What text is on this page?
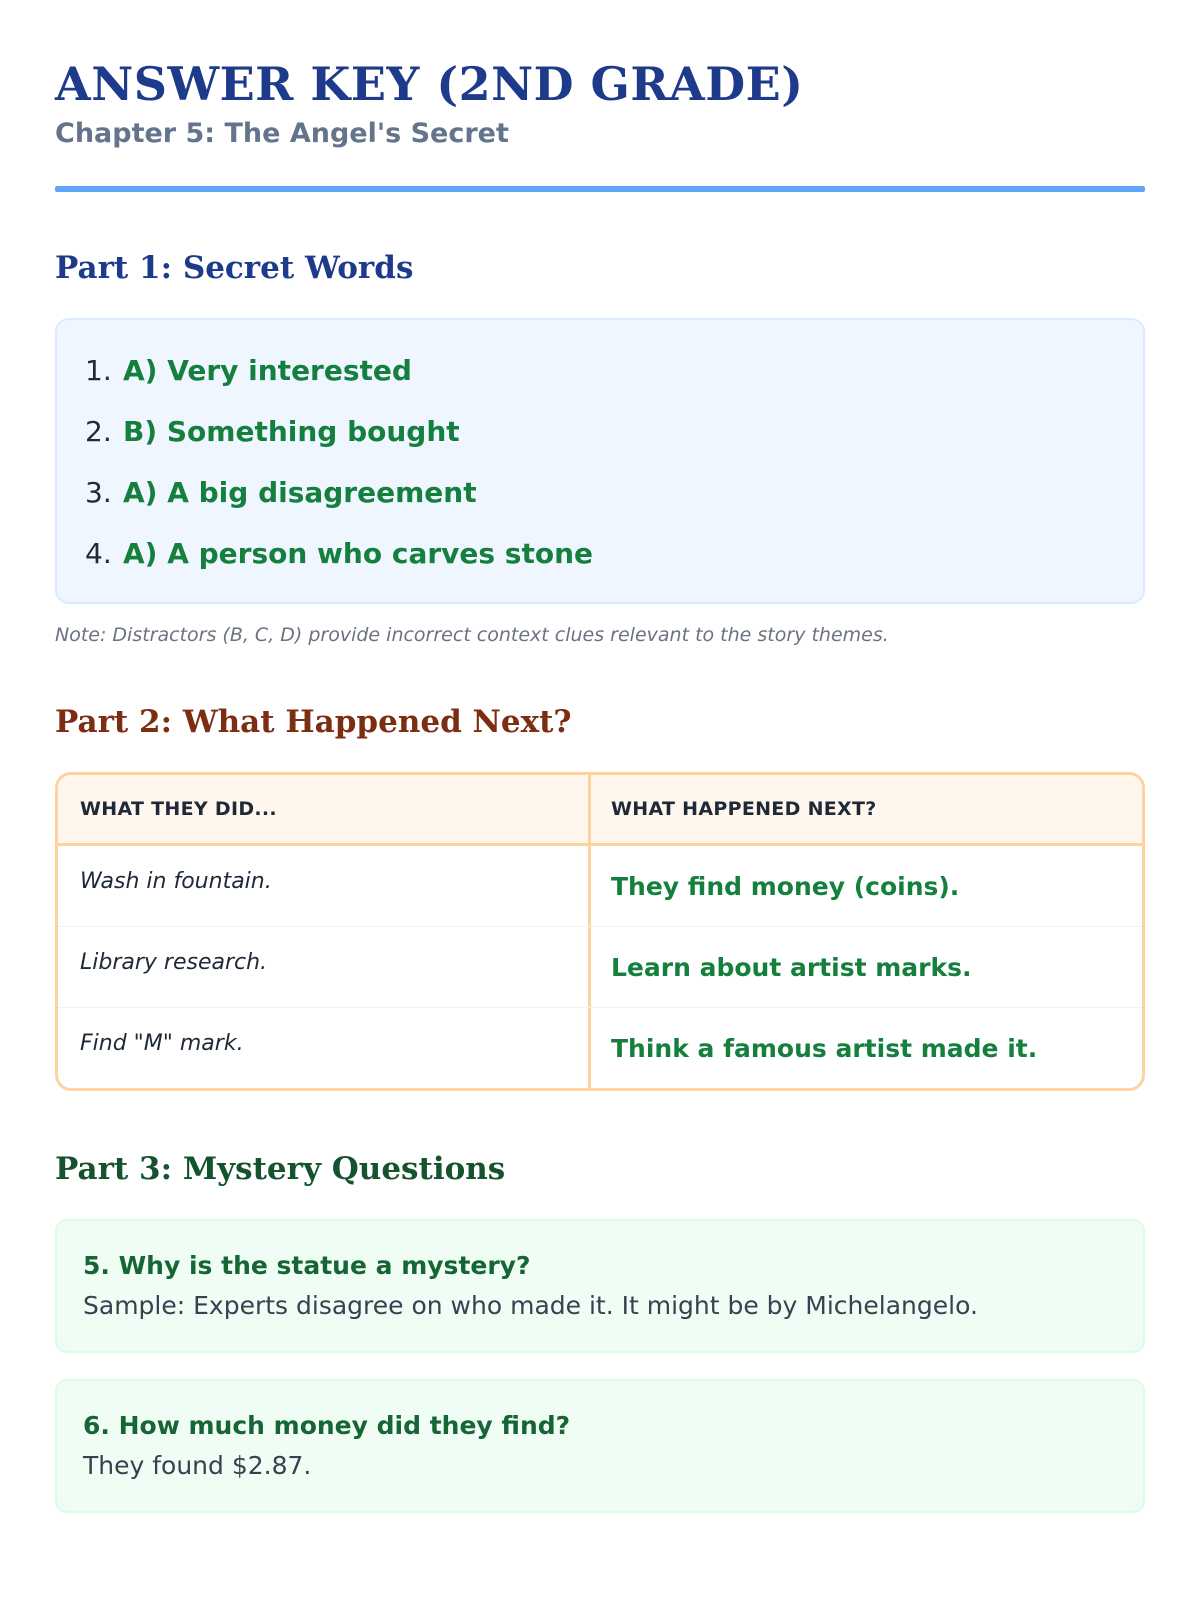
ANSWER KEY (2ND GRADE)
Chapter 5: The Angel's Secret
Part 1: Secret Words
1. A) Very interested
2. B) Something bought
3. A) A big disagreement
4. A) A person who carves stone
Note: Distractors (B, C, D) provide incorrect context clues relevant to the story themes.
Part 2: What Happened Next?
WHAT THEY DID...	WHAT HAPPENED NEXT?
Wash in fountain.	They find money (coins).
Library research.	Learn about artist marks.
Find "M" mark.	Think a famous artist made it.
Part 3: Mystery Questions
5. Why is the statue a mystery?
Sample: Experts disagree on who made it. It might be by Michelangelo.
6. How much money did they find?
They found $2.87.
